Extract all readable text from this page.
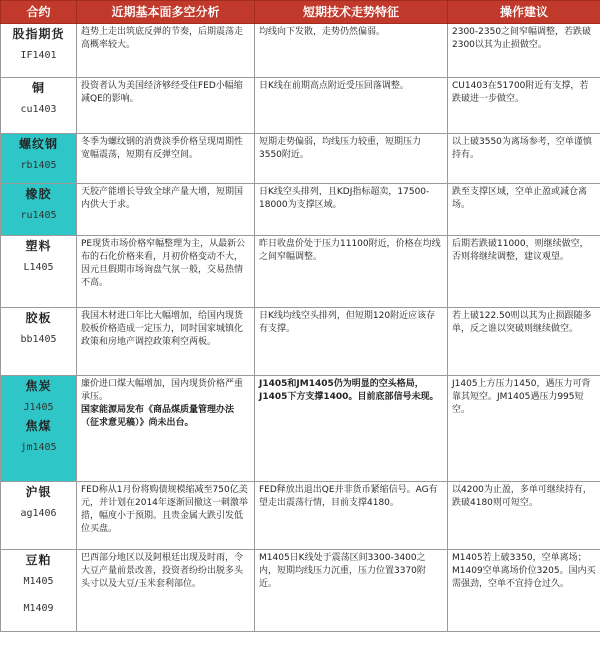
合约	近期基本面多空分析	短期技术走势特征	操作建议

股指期货
IF1401	趋势上走出筑底反弹的节奏，后期震荡走高概率较大。	均线向下发散，走势仍然偏弱。	2300-2350之间窄幅调整，若跌破2300以其为止损做空。

铜
cu1403	投资者认为美国经济够经受住FED小幅缩减QE的影响。	日K线在前期高点附近受压回落调整。	CU1403在51700附近有支撑，若跌破进一步做空。

螺纹钢
rb1405	冬季为螺纹钢的消费淡季价格呈现周期性宽幅震荡，短期有反弹空间。	短期走势偏弱，均线压力较重，短期压力3550附近。	以上破3550为离场参考，空单谨慎持有。

橡胶
ru1405	天胶产能增长导致全球产量大增，短期国内供大于求。	日K线空头排列，且KDJ指标超卖，17500-18000为支撑区域。	跌至支撑区域，空单止盈或减仓离场。

塑料
L1405	PE现货市场价格窄幅整理为主，从最新公布的石化价格来看，月初价格变动不大，因元旦假期市场询盘气氛一般，交易热情不高。	昨日收盘价处于压力11100附近，价格在均线之间窄幅调整。	后期若跌破11000，则继续做空，否则将继续调整，建议观望。

胶板
bb1405	我国木材进口年比大幅增加，给国内现货胶板价格造成一定压力，同时国家城镇化政策和房地产调控政策利空两板。	日K线均线空头排列，但短期120附近应该存有支撑。	若上破122.50则以其为止损跟随多单，反之谁以突破则继续做空。

焦炭
J1405
焦煤
jm1405	廉价进口煤大幅增加，国内现货价格严重承压。
国家能源局发布《商品煤质量管理办法（征求意见稿）》尚未出台。	J1405和JM1405仍为明显的空头格局，J1405下方支撑1400。目前底部信号未现。	J1405上方压力1450，遇压力可背靠其短空。JM1405遇压力995短空。

沪银
ag1406	FED称从1月份将购债规模缩减至750亿美元，并计划在2014年逐渐回撤这一刺激举措，幅度小于预期。且贵金属大跌引发低位买盘。	FED释放出退出QE并非货币紧缩信号。AG有望走出震荡行情，目前支撑4180。	以4200为止盈，多单可继续持有，跌破4180则可短空。

豆粕
M1405
M1409	巴西部分地区以及阿根廷出现及时雨，令大豆产量前景改善，投资者纷纷出脱多头头寸以及大豆/玉米套利部位。	M1405日K线处于震荡区间3300-3400之内，短期均线压力沉重，压力位置3370附近。	M1405若上破3350，空单离场；M1409空单离场价位3205。国内买需强劲，空单不宜持仓过久。
